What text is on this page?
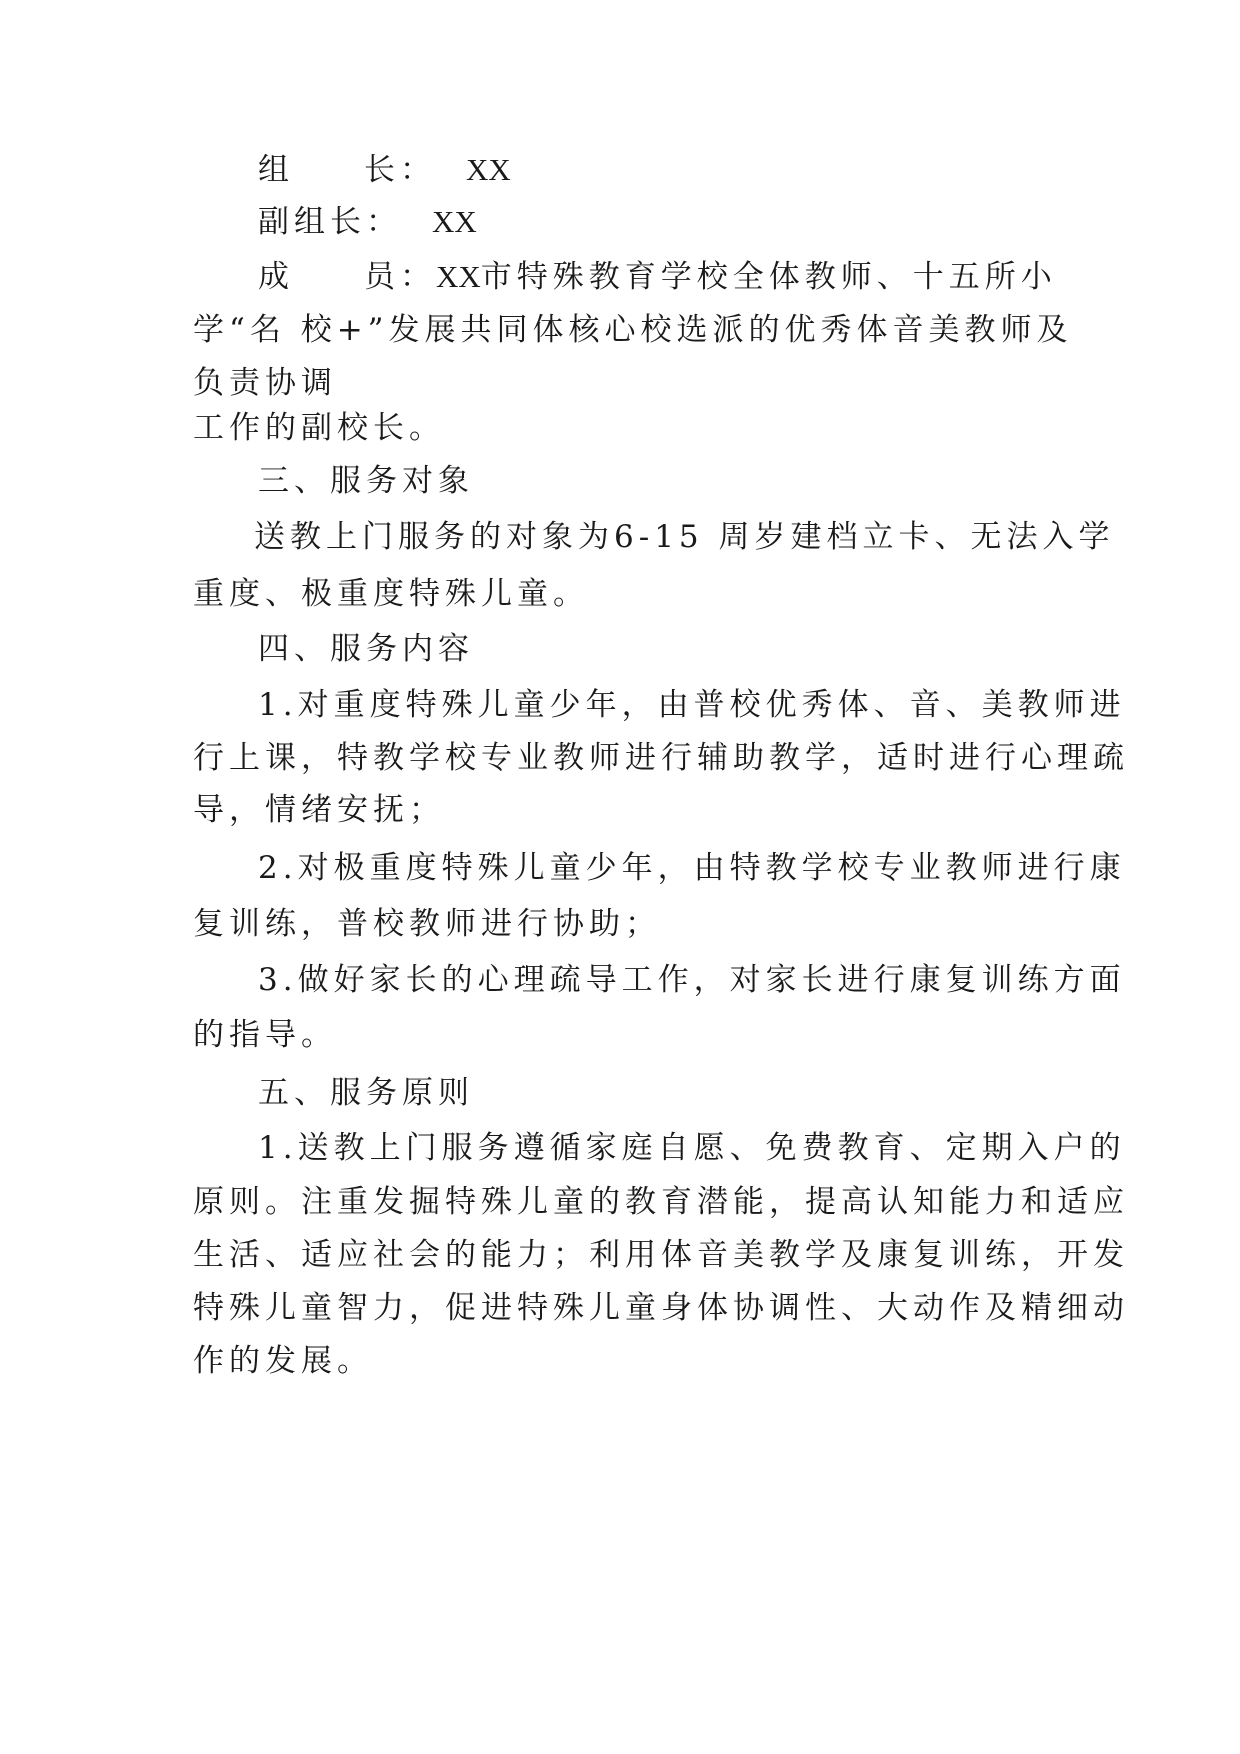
组 长： XX
副组长： XX
成 员：XX市特殊教育学校全体教师、十五所小
学“名 校+”发展共同体核心校选派的优秀体音美教师及
负责协调
工作的副校长。
三、服务对象
送教上门服务的对象为6-15 周岁建档立卡、无法入学
重度、极重度特殊儿童。
四、服务内容
1.对重度特殊儿童少年，由普校优秀体、音、美教师进
行上课，特教学校专业教师进行辅助教学，适时进行心理疏
导，情绪安抚；
2.对极重度特殊儿童少年，由特教学校专业教师进行康
复训练，普校教师进行协助；
3.做好家长的心理疏导工作，对家长进行康复训练方面
的指导。
五、服务原则
1.送教上门服务遵循家庭自愿、免费教育、定期入户的
原则。注重发掘特殊儿童的教育潜能，提高认知能力和适应
生活、适应社会的能力；利用体音美教学及康复训练，开发
特殊儿童智力，促进特殊儿童身体协调性、大动作及精细动
作的发展。
